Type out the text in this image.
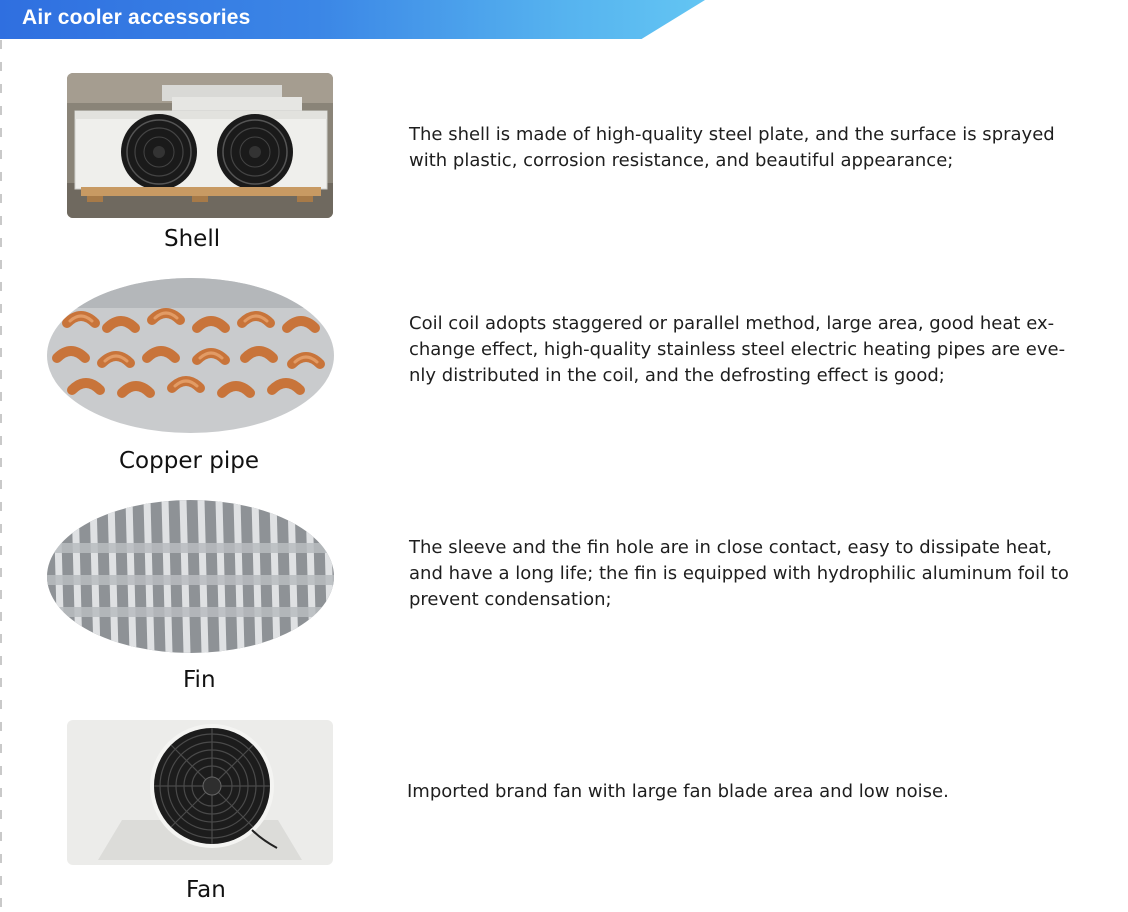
Air cooler accessories
Shell
The shell is made of high-quality steel plate, and the surface is sprayed
with plastic, corrosion resistance, and beautiful appearance;
Copper pipe
Coil coil adopts staggered or parallel method, large area, good heat ex-
change effect, high-quality stainless steel electric heating pipes are eve-
nly distributed in the coil, and the defrosting effect is good;
Fin
The sleeve and the fin hole are in close contact, easy to dissipate heat,
and have a long life; the fin is equipped with hydrophilic aluminum foil to
prevent condensation;
Fan
Imported brand fan with large fan blade area and low noise.
